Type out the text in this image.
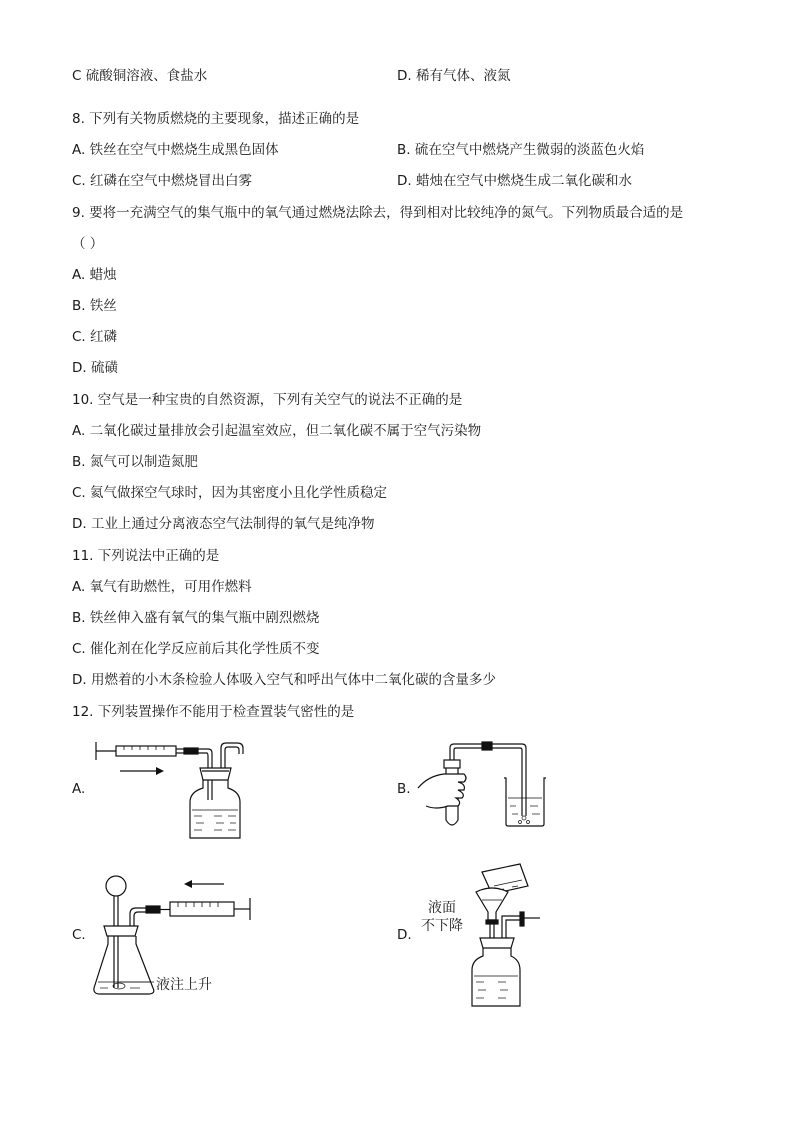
C 硫酸铜溶液、食盐水	D. 稀有气体、液氮
8. 下列有关物质燃烧的主要现象，描述正确的是
A. 铁丝在空气中燃烧生成黑色固体	B. 硫在空气中燃烧产生微弱的淡蓝色火焰
C. 红磷在空气中燃烧冒出白雾	D. 蜡烛在空气中燃烧生成二氧化碳和水
9. 要将一充满空气的集气瓶中的氧气通过燃烧法除去，得到相对比较纯净的氮气。下列物质最合适的是
（ ）
A. 蜡烛
B. 铁丝
C. 红磷
D. 硫磺
10. 空气是一种宝贵的自然资源，下列有关空气的说法不正确的是
A. 二氧化碳过量排放会引起温室效应，但二氧化碳不属于空气污染物
B. 氮气可以制造氮肥
C. 氦气做探空气球时，因为其密度小且化学性质稳定
D. 工业上通过分离液态空气法制得的氧气是纯净物
11. 下列说法中正确的是
A. 氧气有助燃性，可用作燃料
B. 铁丝伸入盛有氧气的集气瓶中剧烈燃烧
C. 催化剂在化学反应前后其化学性质不变
D. 用燃着的小木条检验人体吸入空气和呼出气体中二氧化碳的含量多少
12. 下列装置操作不能用于检查置装气密性的是
A.	B.
C.	D.
液注上升
液面
不下降
